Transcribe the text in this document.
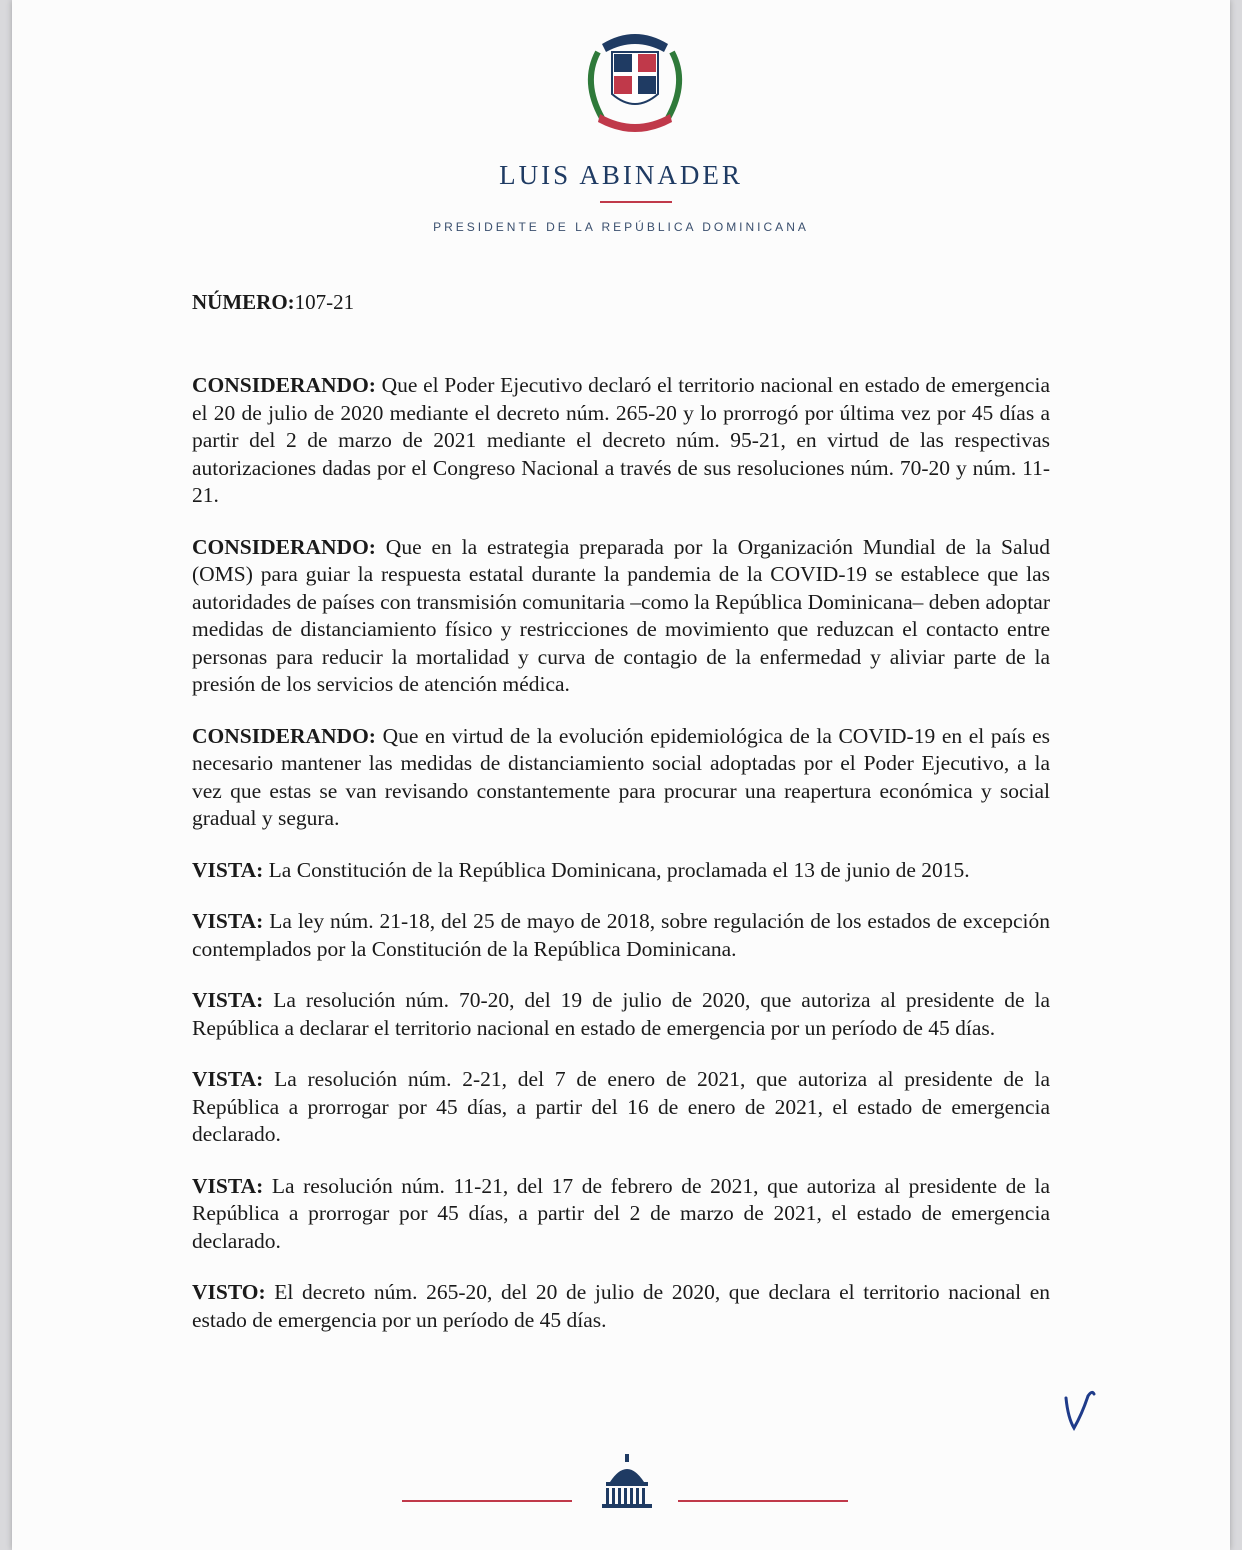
LUIS ABINADER
PRESIDENTE DE LA REPÚBLICA DOMINICANA
NÚMERO:107-21

CONSIDERANDO: Que el Poder Ejecutivo declaró el territorio nacional en estado de emergencia el 20 de julio de 2020 mediante el decreto núm. 265-20 y lo prorrogó por última vez por 45 días a partir del 2 de marzo de 2021 mediante el decreto núm. 95-21, en virtud de las respectivas autorizaciones dadas por el Congreso Nacional a través de sus resoluciones núm. 70-20 y núm. 11-21.

CONSIDERANDO: Que en la estrategia preparada por la Organización Mundial de la Salud (OMS) para guiar la respuesta estatal durante la pandemia de la COVID-19 se establece que las autoridades de países con transmisión comunitaria –como la República Dominicana– deben adoptar medidas de distanciamiento físico y restricciones de movimiento que reduzcan el contacto entre personas para reducir la mortalidad y curva de contagio de la enfermedad y aliviar parte de la presión de los servicios de atención médica.

CONSIDERANDO: Que en virtud de la evolución epidemiológica de la COVID-19 en el país es necesario mantener las medidas de distanciamiento social adoptadas por el Poder Ejecutivo, a la vez que estas se van revisando constantemente para procurar una reapertura económica y social gradual y segura.

VISTA: La Constitución de la República Dominicana, proclamada el 13 de junio de 2015.

VISTA: La ley núm. 21-18, del 25 de mayo de 2018, sobre regulación de los estados de excepción contemplados por la Constitución de la República Dominicana.

VISTA: La resolución núm. 70-20, del 19 de julio de 2020, que autoriza al presidente de la República a declarar el territorio nacional en estado de emergencia por un período de 45 días.

VISTA: La resolución núm. 2-21, del 7 de enero de 2021, que autoriza al presidente de la República a prorrogar por 45 días, a partir del 16 de enero de 2021, el estado de emergencia declarado.

VISTA: La resolución núm. 11-21, del 17 de febrero de 2021, que autoriza al presidente de la República a prorrogar por 45 días, a partir del 2 de marzo de 2021, el estado de emergencia declarado.

VISTO: El decreto núm. 265-20, del 20 de julio de 2020, que declara el territorio nacional en estado de emergencia por un período de 45 días.
